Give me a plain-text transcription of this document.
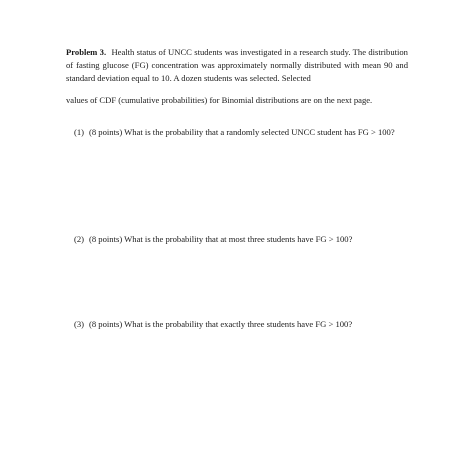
Problem 3. Health status of UNCC students was investigated in a research study. The distribution of fasting glucose (FG) concentration was approximately normally distributed with mean 90 and standard deviation equal to 10. A dozen students was selected. Selected

values of CDF (cumulative probabilities) for Binomial distributions are on the next page.

(1) (8 points) What is the probability that a randomly selected UNCC student has FG > 100?
(2) (8 points) What is the probability that at most three students have FG > 100?
(3) (8 points) What is the probability that exactly three students have FG > 100?
